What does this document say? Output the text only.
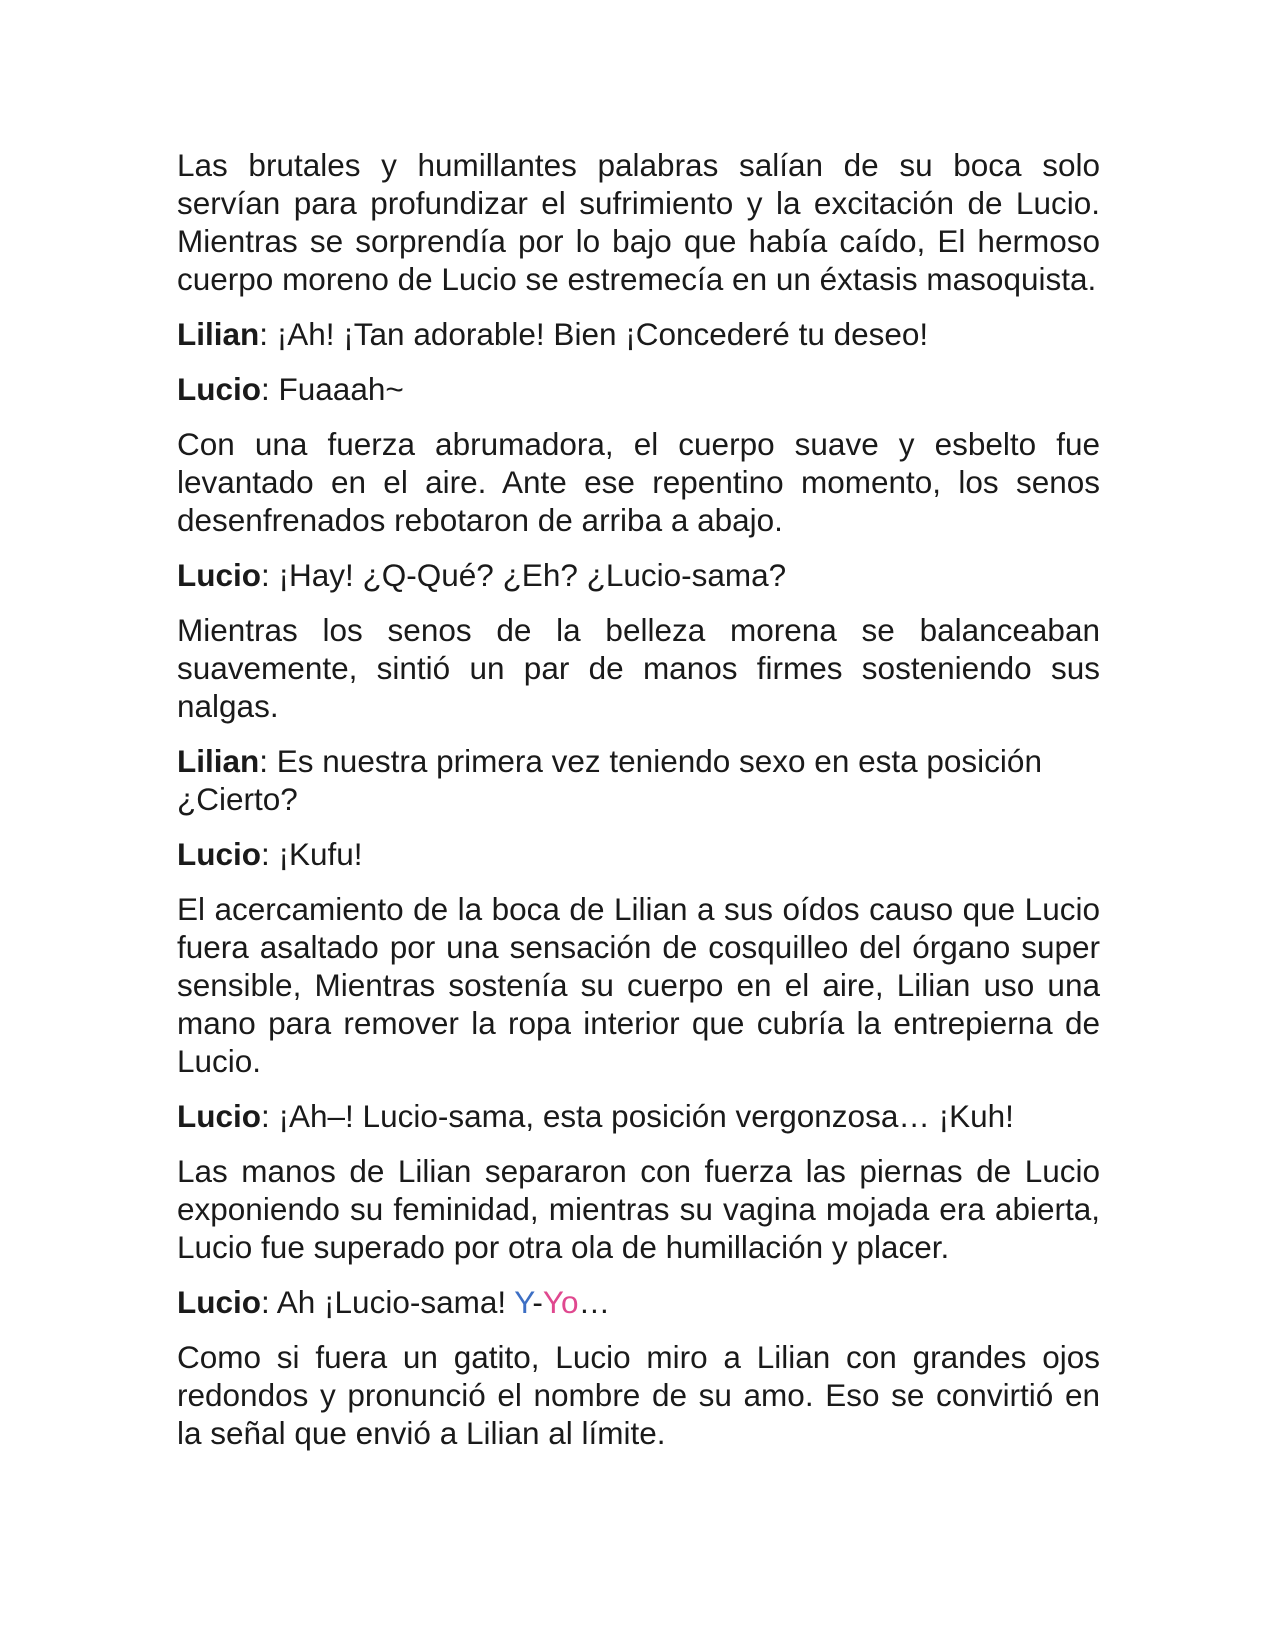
Las brutales y humillantes palabras salían de su boca solo servían para profundizar el sufrimiento y la excitación de Lucio. Mientras se sorprendía por lo bajo que había caído, El hermoso cuerpo moreno de Lucio se estremecía en un éxtasis masoquista.

Lilian: ¡Ah! ¡Tan adorable! Bien ¡Concederé tu deseo!

Lucio: Fuaaah~

Con una fuerza abrumadora, el cuerpo suave y esbelto fue levantado en el aire. Ante ese repentino momento, los senos desenfrenados rebotaron de arriba a abajo.

Lucio: ¡Hay! ¿Q-Qué? ¿Eh? ¿Lucio-sama?

Mientras los senos de la belleza morena se balanceaban suavemente, sintió un par de manos firmes sosteniendo sus nalgas.

Lilian: Es nuestra primera vez teniendo sexo en esta posición ¿Cierto?

Lucio: ¡Kufu!

El acercamiento de la boca de Lilian a sus oídos causo que Lucio fuera asaltado por una sensación de cosquilleo del órgano super sensible, Mientras sostenía su cuerpo en el aire, Lilian uso una mano para remover la ropa interior que cubría la entrepierna de Lucio.

Lucio: ¡Ah–! Lucio-sama, esta posición vergonzosa… ¡Kuh!

Las manos de Lilian separaron con fuerza las piernas de Lucio exponiendo su feminidad, mientras su vagina mojada era abierta, Lucio fue superado por otra ola de humillación y placer.

Lucio: Ah ¡Lucio-sama! Y-Yo…

Como si fuera un gatito, Lucio miro a Lilian con grandes ojos redondos y pronunció el nombre de su amo. Eso se convirtió en la señal que envió a Lilian al límite.
